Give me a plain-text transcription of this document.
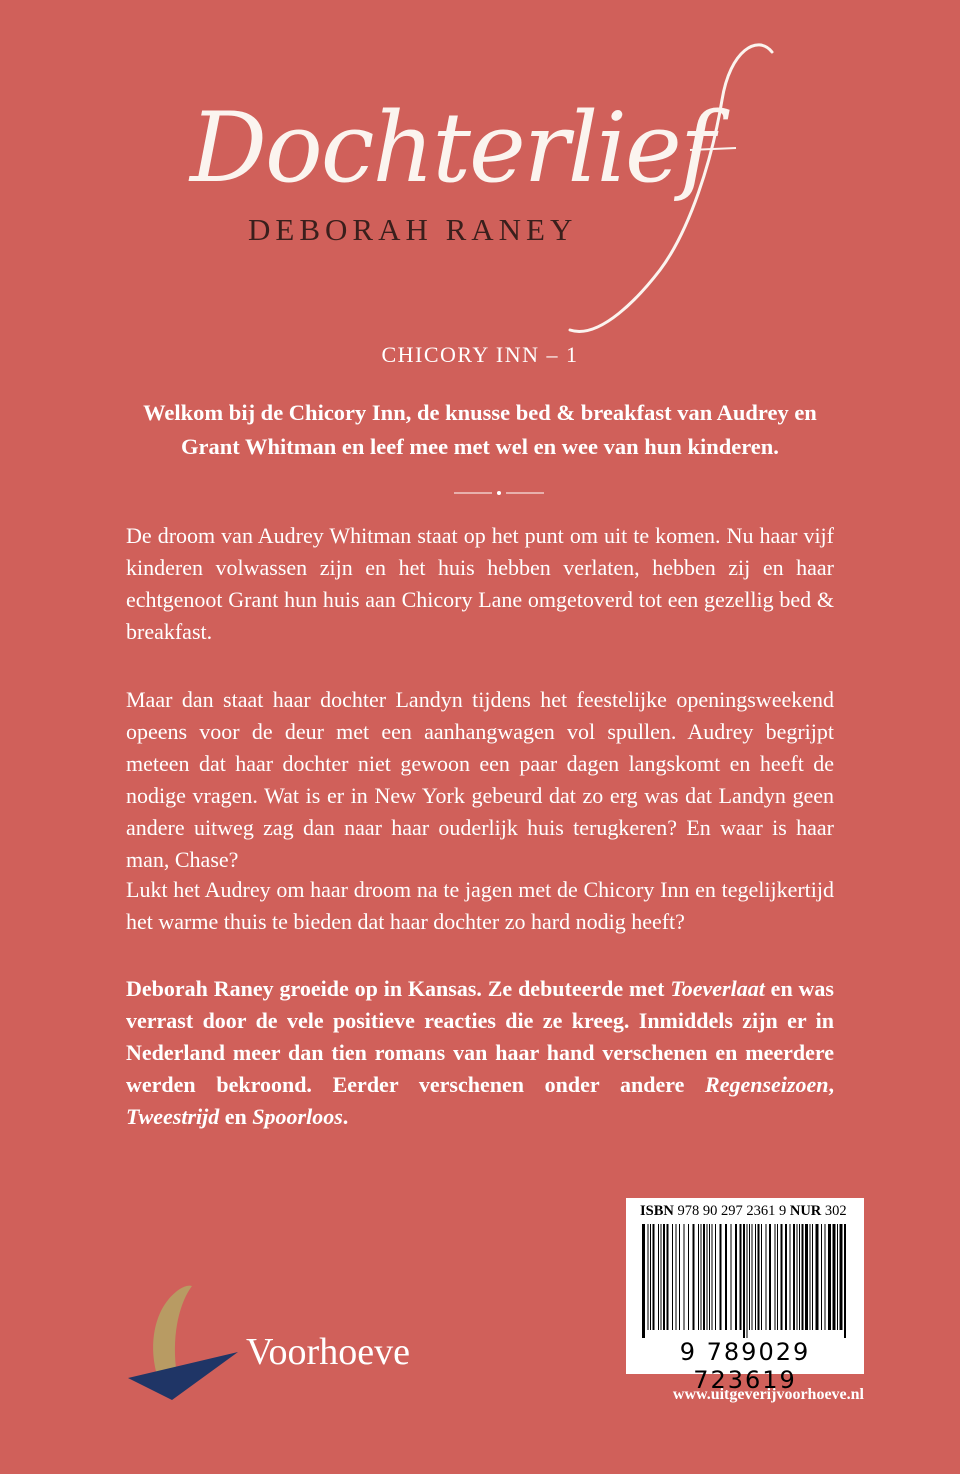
Dochterlief
DEBORAH RANEY
CHICORY INN – 1
Welkom bij de Chicory Inn, de knusse bed & breakfast van Audrey en Grant Whitman en leef mee met wel en wee van hun kinderen.

De droom van Audrey Whitman staat op het punt om uit te komen. Nu haar vijf kinderen volwassen zijn en het huis hebben verlaten, hebben zij en haar echtgenoot Grant hun huis aan Chicory Lane omgetoverd tot een gezellig bed & breakfast.

Maar dan staat haar dochter Landyn tijdens het feestelijke openingsweekend opeens voor de deur met een aanhangwagen vol spullen. Audrey begrijpt meteen dat haar dochter niet gewoon een paar dagen langskomt en heeft de nodige vragen. Wat is er in New York gebeurd dat zo erg was dat Landyn geen andere uitweg zag dan naar haar ouderlijk huis terugkeren? En waar is haar man, Chase?

Lukt het Audrey om haar droom na te jagen met de Chicory Inn en tegelijkertijd het warme thuis te bieden dat haar dochter zo hard nodig heeft?

Deborah Raney groeide op in Kansas. Ze debuteerde met Toeverlaat en was verrast door de vele positieve reacties die ze kreeg. Inmiddels zijn er in Nederland meer dan tien romans van haar hand verschenen en meerdere werden bekroond. Eerder verschenen onder andere Regenseizoen, Tweestrijd en Spoorloos.

ISBN 978 90 297 2361 9 NUR 302
9 789029 723619
www.uitgeverijvoorhoeve.nl
Voorhoeve
